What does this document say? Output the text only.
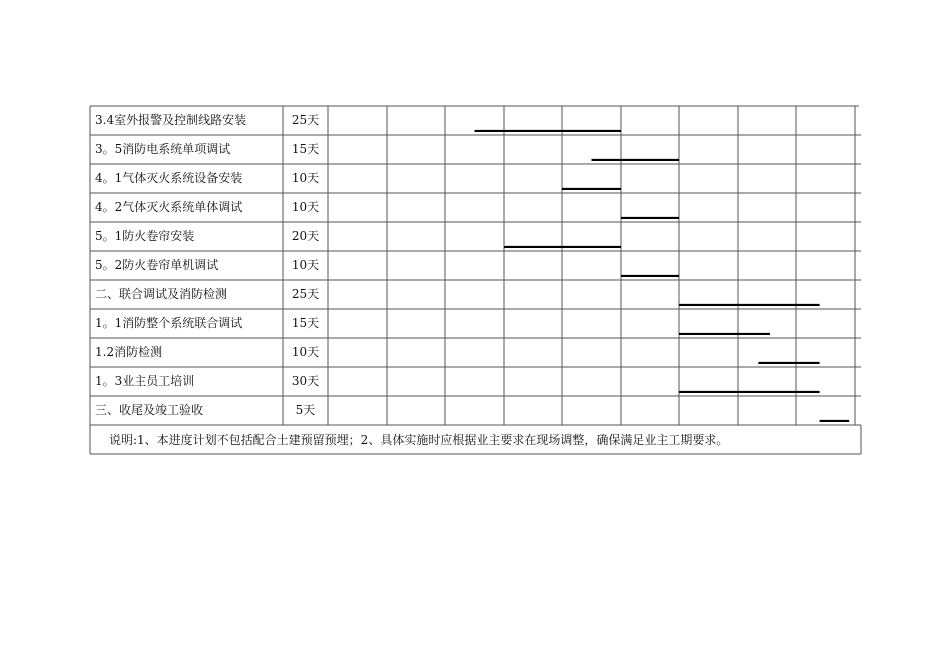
3.4室外报警及控制线路安装	25天
3。5消防电系统单项调试	15天
4。1气体灭火系统设备安装	10天
4。2气体灭火系统单体调试	10天
5。1防火卷帘安装	20天
5。2防火卷帘单机调试	10天
二、联合调试及消防检测	25天
1。1消防整个系统联合调试	15天
1.2消防检测	10天
1。3业主员工培训	30天
三、收尾及竣工验收	5天
说明:1、本进度计划不包括配合土建预留预埋；2、具体实施时应根据业主要求在现场调整，确保满足业主工期要求。
